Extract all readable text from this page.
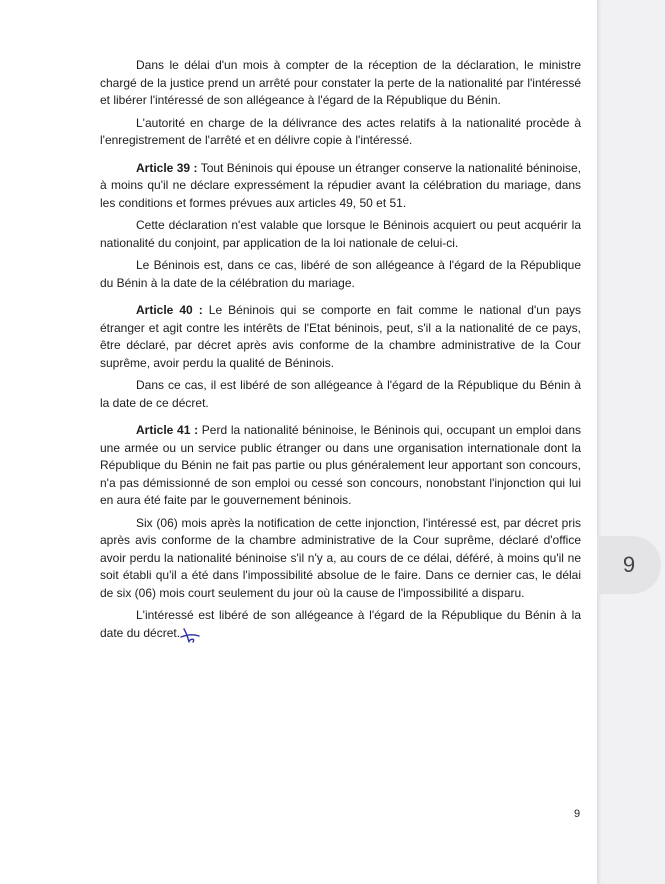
Dans le délai d'un mois à compter de la réception de la déclaration, le ministre chargé de la justice prend un arrêté pour constater la perte de la nationalité par l'intéressé et libérer l'intéressé de son allégeance à l'égard de la République du Bénin.

L'autorité en charge de la délivrance des actes relatifs à la nationalité procède à l'enregistrement de l'arrêté et en délivre copie à l'intéressé.

Article 39 : Tout Béninois qui épouse un étranger conserve la nationalité béninoise, à moins qu'il ne déclare expressément la répudier avant la célébration du mariage, dans les conditions et formes prévues aux articles 49, 50 et 51.

Cette déclaration n'est valable que lorsque le Béninois acquiert ou peut acquérir la nationalité du conjoint, par application de la loi nationale de celui-ci.

Le Béninois est, dans ce cas, libéré de son allégeance à l'égard de la République du Bénin à la date de la célébration du mariage.

Article 40 : Le Béninois qui se comporte en fait comme le national d'un pays étranger et agit contre les intérêts de l'Etat béninois, peut, s'il a la nationalité de ce pays, être déclaré, par décret après avis conforme de la chambre administrative de la Cour suprême, avoir perdu la qualité de Béninois.

Dans ce cas, il est libéré de son allégeance à l'égard de la République du Bénin à la date de ce décret.

Article 41 : Perd la nationalité béninoise, le Béninois qui, occupant un emploi dans une armée ou un service public étranger ou dans une organisation internationale dont la République du Bénin ne fait pas partie ou plus généralement leur apportant son concours, n'a pas démissionné de son emploi ou cessé son concours, nonobstant l'injonction qui lui en aura été faite par le gouvernement béninois.

Six (06) mois après la notification de cette injonction, l'intéressé est, par décret pris après avis conforme de la chambre administrative de la Cour suprême, déclaré d'office avoir perdu la nationalité béninoise s'il n'y a, au cours de ce délai, déféré, à moins qu'il ne soit établi qu'il a été dans l'impossibilité absolue de le faire. Dans ce dernier cas, le délai de six (06) mois court seulement du jour où la cause de l'impossibilité a disparu.

L'intéressé est libéré de son allégeance à l'égard de la République du Bénin à la date du décret.

9
9
